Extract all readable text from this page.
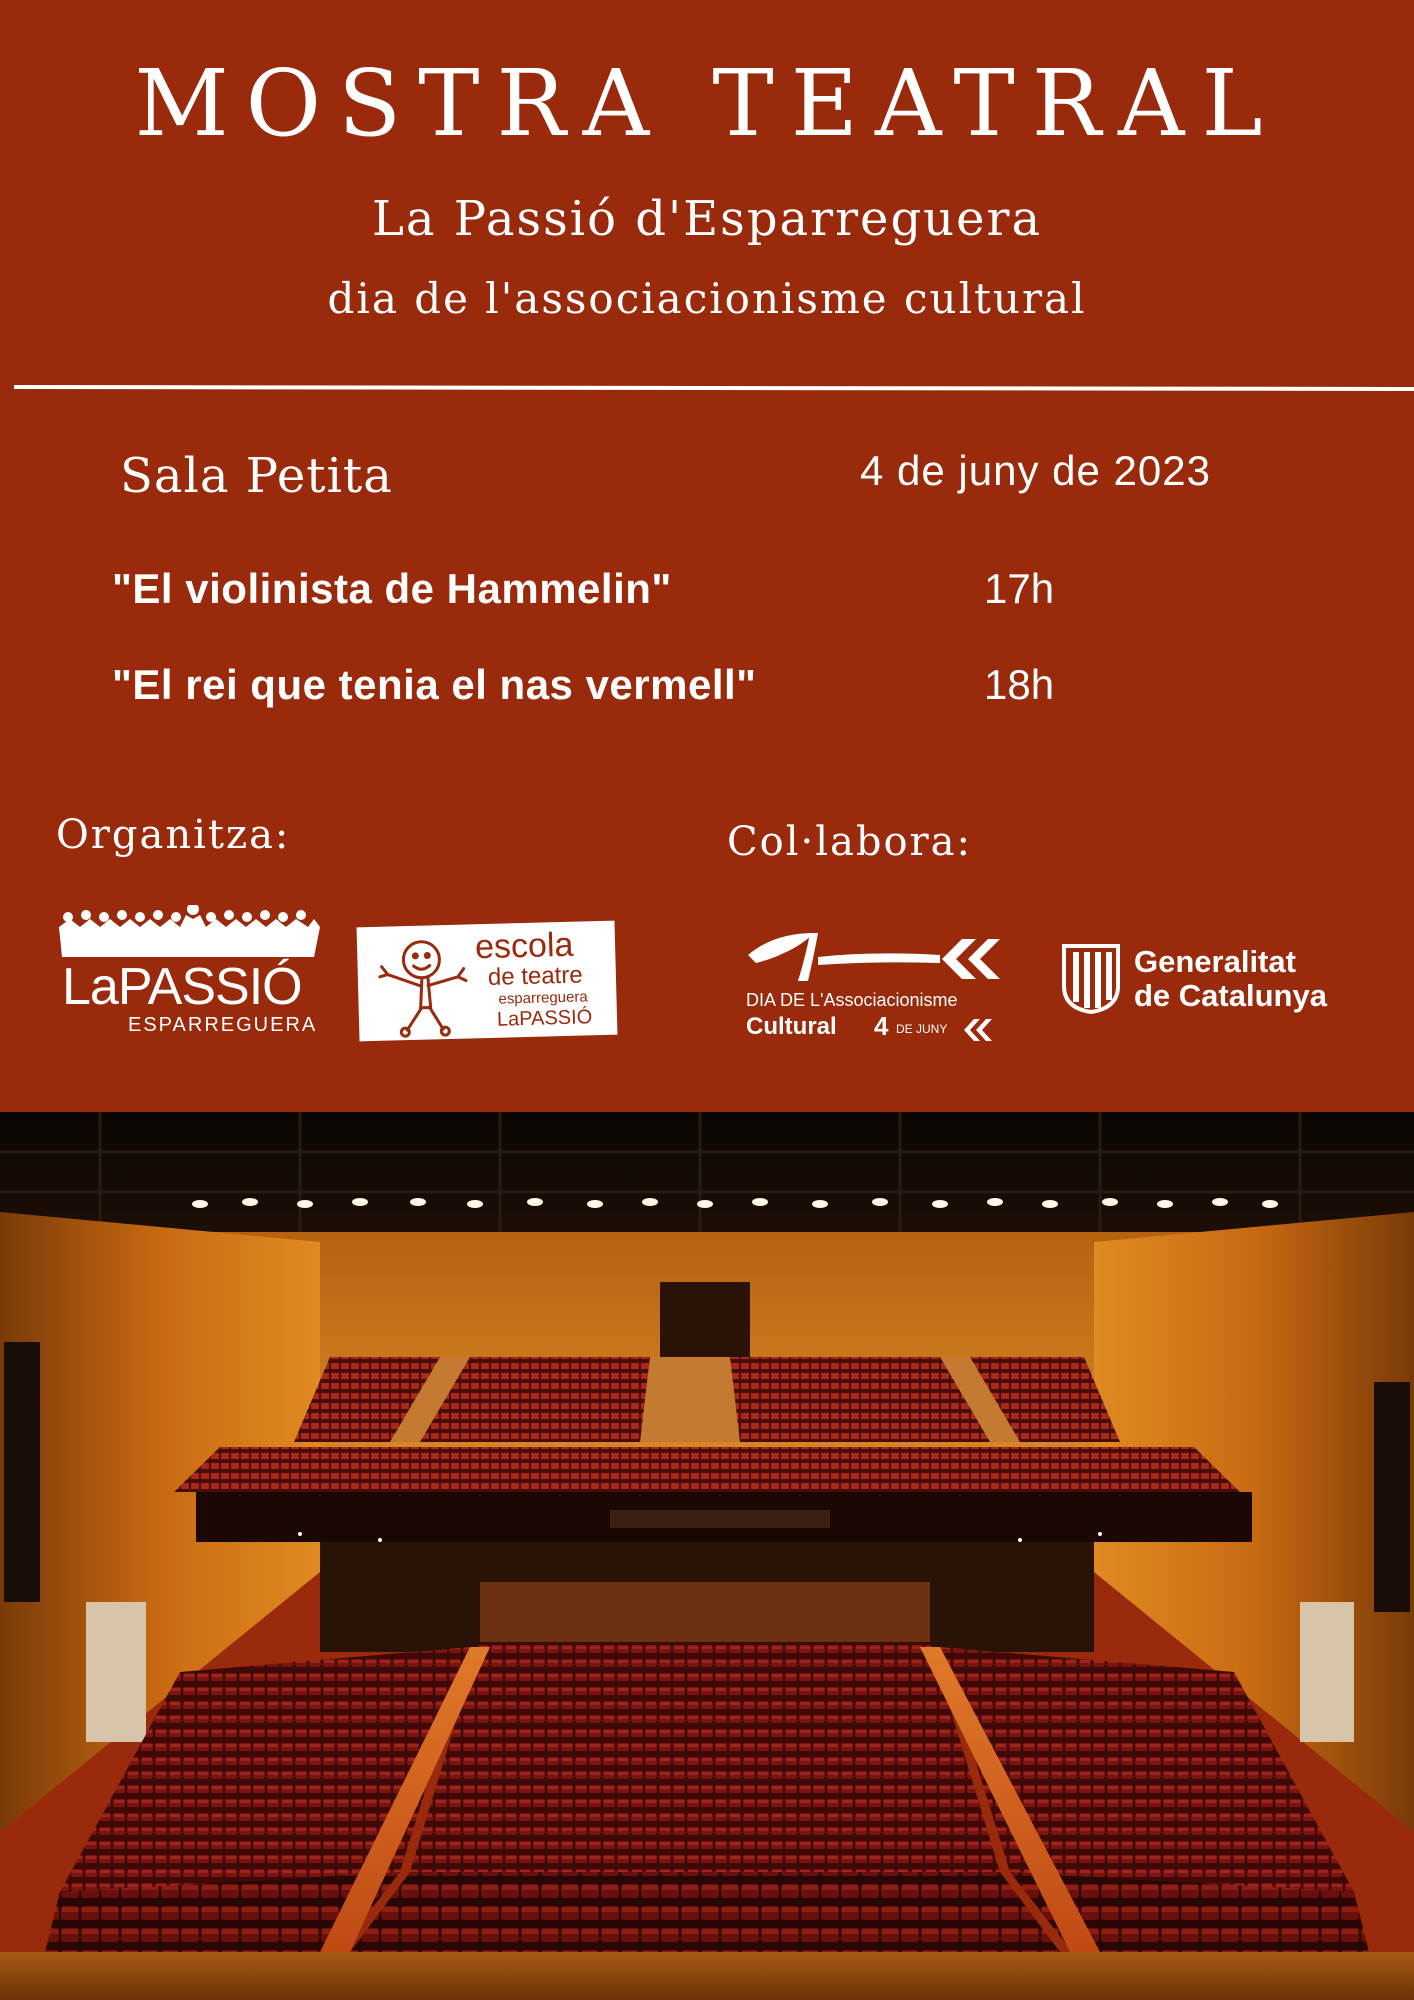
MOSTRA TEATRAL
La Passió d'Esparreguera
dia de l'associacionisme cultural
Sala Petita	4 de juny de 2023
"El violinista de Hammelin"	17h
"El rei que tenia el nas vermell"	18h
Organitza:	Col·labora:
LaPASSIÓ
ESPARREGUERA
escola
de teatre
esparreguera
LaPASSIÓ
DIA DE L'Associacionisme
Cultural 4 DE JUNY
Generalitat
de Catalunya
